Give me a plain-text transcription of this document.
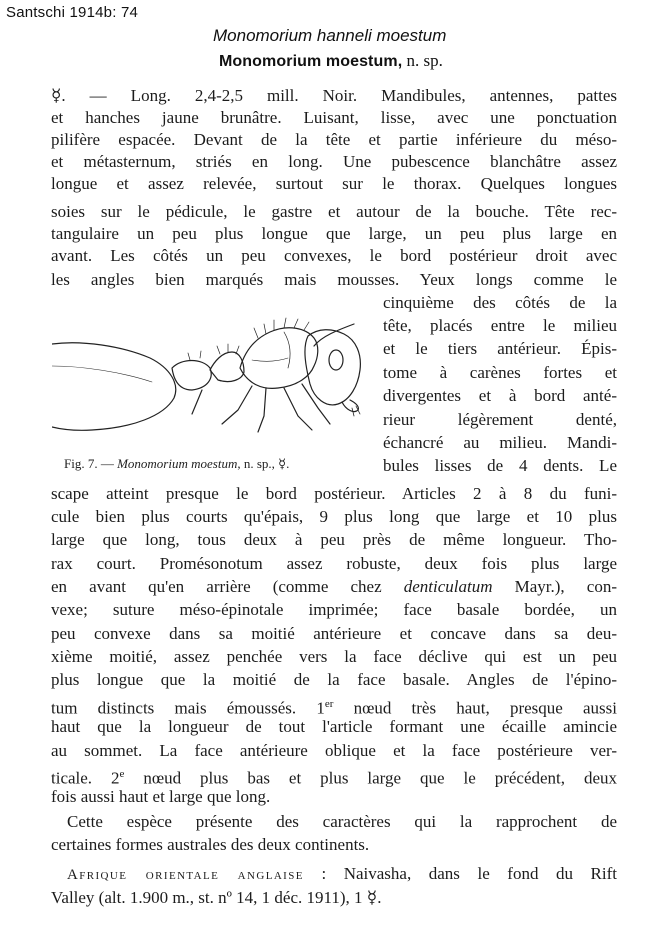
Santschi 1914b: 74
Monomorium hanneli moestum
Monomorium moestum, n. sp.
☿. — Long. 2,4-2,5 mill. Noir. Mandibules, antennes, pattes
et hanches jaune brunâtre. Luisant, lisse, avec une ponctuation
pilifère espacée. Devant de la tête et partie inférieure du méso-
et métasternum, striés en long. Une pubescence blanchâtre assez
longue et assez relevée, surtout sur le thorax. Quelques longues
soies sur le pédicule, le gastre et autour de la bouche. Tête rec-
tangulaire un peu plus longue que large, un peu plus large en
avant. Les côtés un peu convexes, le bord postérieur droit avec
les angles bien marqués mais mousses. Yeux longs comme le
cinquième des côtés de la
tête, placés entre le milieu
et le tiers antérieur. Épis-
tome à carènes fortes et
divergentes et à bord anté-
rieur légèrement denté,
échancré au milieu. Mandi-
bules lisses de 4 dents. Le
scape atteint presque le bord postérieur. Articles 2 à 8 du funi-
cule bien plus courts qu'épais, 9 plus long que large et 10 plus
large que long, tous deux à peu près de même longueur. Tho-
rax court. Promésonotum assez robuste, deux fois plus large
en avant qu'en arrière (comme chez denticulatum Mayr.), con-
vexe; suture méso-épinotale imprimée; face basale bordée, un
peu convexe dans sa moitié antérieure et concave dans sa deu-
xième moitié, assez penchée vers la face déclive qui est un peu
plus longue que la moitié de la face basale. Angles de l'épino-
tum distincts mais émoussés. 1er nœud très haut, presque aussi
haut que la longueur de tout l'article formant une écaille amincie
au sommet. La face antérieure oblique et la face postérieure ver-
ticale. 2e nœud plus bas et plus large que le précédent, deux
fois aussi haut et large que long.
Cette espèce présente des caractères qui la rapprochent de
certaines formes australes des deux continents.
Afrique orientale anglaise : Naivasha, dans le fond du Rift
Valley (alt. 1.900 m., st. nº 14, 1 déc. 1911), 1 ☿.
Fig. 7. — Monomorium moestum, n. sp., ☿.
